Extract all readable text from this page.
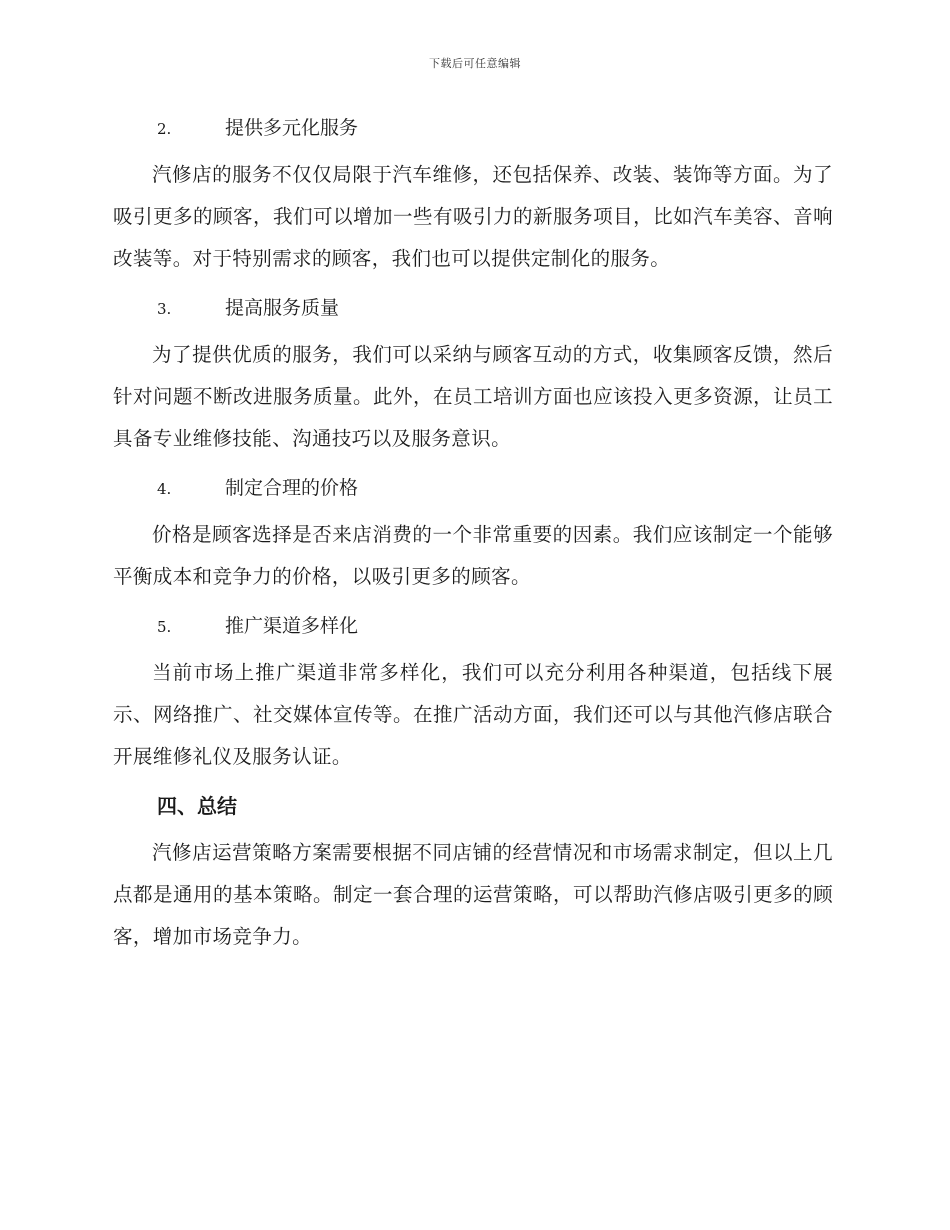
下载后可任意编辑
2.	提供多元化服务

汽修店的服务不仅仅局限于汽车维修，还包括保养、改装、装饰等方面。为了吸引更多的顾客，我们可以增加一些有吸引力的新服务项目，比如汽车美容、音响改装等。对于特别需求的顾客，我们也可以提供定制化的服务。

3.	提高服务质量

为了提供优质的服务，我们可以采纳与顾客互动的方式，收集顾客反馈，然后针对问题不断改进服务质量。此外，在员工培训方面也应该投入更多资源，让员工具备专业维修技能、沟通技巧以及服务意识。

4.	制定合理的价格

价格是顾客选择是否来店消费的一个非常重要的因素。我们应该制定一个能够平衡成本和竞争力的价格，以吸引更多的顾客。

5.	推广渠道多样化

当前市场上推广渠道非常多样化，我们可以充分利用各种渠道，包括线下展示、网络推广、社交媒体宣传等。在推广活动方面，我们还可以与其他汽修店联合开展维修礼仪及服务认证。

四、总结

汽修店运营策略方案需要根据不同店铺的经营情况和市场需求制定，但以上几点都是通用的基本策略。制定一套合理的运营策略，可以帮助汽修店吸引更多的顾客，增加市场竞争力。
